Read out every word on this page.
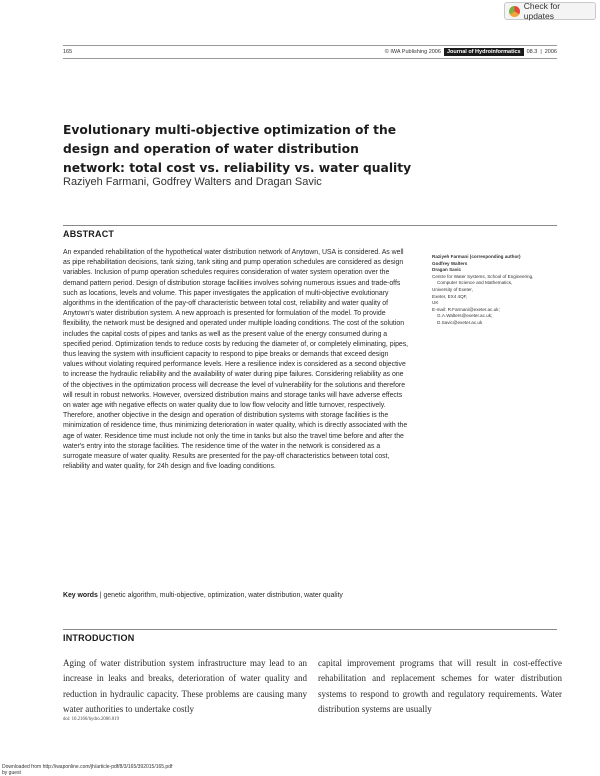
Check for updates
165	© IWA Publishing 2006	Journal of Hydroinformatics	08.3 | 2006
Evolutionary multi-objective optimization of the design and operation of water distribution network: total cost vs. reliability vs. water quality
Raziyeh Farmani, Godfrey Walters and Dragan Savic
ABSTRACT
An expanded rehabilitation of the hypothetical water distribution network of Anytown, USA is considered. As well as pipe rehabilitation decisions, tank sizing, tank siting and pump operation schedules are considered as design variables. Inclusion of pump operation schedules requires consideration of water system operation over the demand pattern period. Design of distribution storage facilities involves solving numerous issues and trade-offs such as locations, levels and volume. This paper investigates the application of multi-objective evolutionary algorithms in the identification of the pay-off characteristic between total cost, reliability and water quality of Anytown's water distribution system. A new approach is presented for formulation of the model. To provide flexibility, the network must be designed and operated under multiple loading conditions. The cost of the solution includes the capital costs of pipes and tanks as well as the present value of the energy consumed during a specified period. Optimization tends to reduce costs by reducing the diameter of, or completely eliminating, pipes, thus leaving the system with insufficient capacity to respond to pipe breaks or demands that exceed design values without violating required performance levels. Here a resilience index is considered as a second objective to increase the hydraulic reliability and the availability of water during pipe failures. Considering reliability as one of the objectives in the optimization process will decrease the level of vulnerability for the solutions and therefore will result in robust networks. However, oversized distribution mains and storage tanks will have adverse effects on water age with negative effects on water quality due to low flow velocity and little turnover, respectively. Therefore, another objective in the design and operation of distribution systems with storage facilities is the minimization of residence time, thus minimizing deterioration in water quality, which is directly associated with the age of water. Residence time must include not only the time in tanks but also the travel time before and after the water's entry into the storage facilities. The residence time of the water in the network is considered as a surrogate measure of water quality. Results are presented for the pay-off characteristics between total cost, reliability and water quality, for 24h design and five loading conditions.
Key words | genetic algorithm, multi-objective, optimization, water distribution, water quality
Raziyeh Farmani (corresponding author)
Godfrey Walters
Dragan Savic
Centre for Water Systems, School of Engineering,
Computer Science and Mathematics,
University of Exeter,
Exeter, EX4 4QF,
UK
E-mail: R.Farmani@exeter.ac.uk;
G.A.Walters@exeter.ac.uk;
D.Savic@exeter.ac.uk
INTRODUCTION
Aging of water distribution system infrastructure may lead to an increase in leaks and breaks, deterioration of water quality and reduction in hydraulic capacity. These problems are causing many water authorities to undertake costly
capital improvement programs that will result in cost-effective rehabilitation and replacement schemes for water distribution systems to respond to growth and regulatory requirements. Water distribution systems are usually
doi: 10.2166/hydro.2006.019
Downloaded from http://iwaponline.com/jh/article-pdf/8/3/165/392015/165.pdf
by guest
